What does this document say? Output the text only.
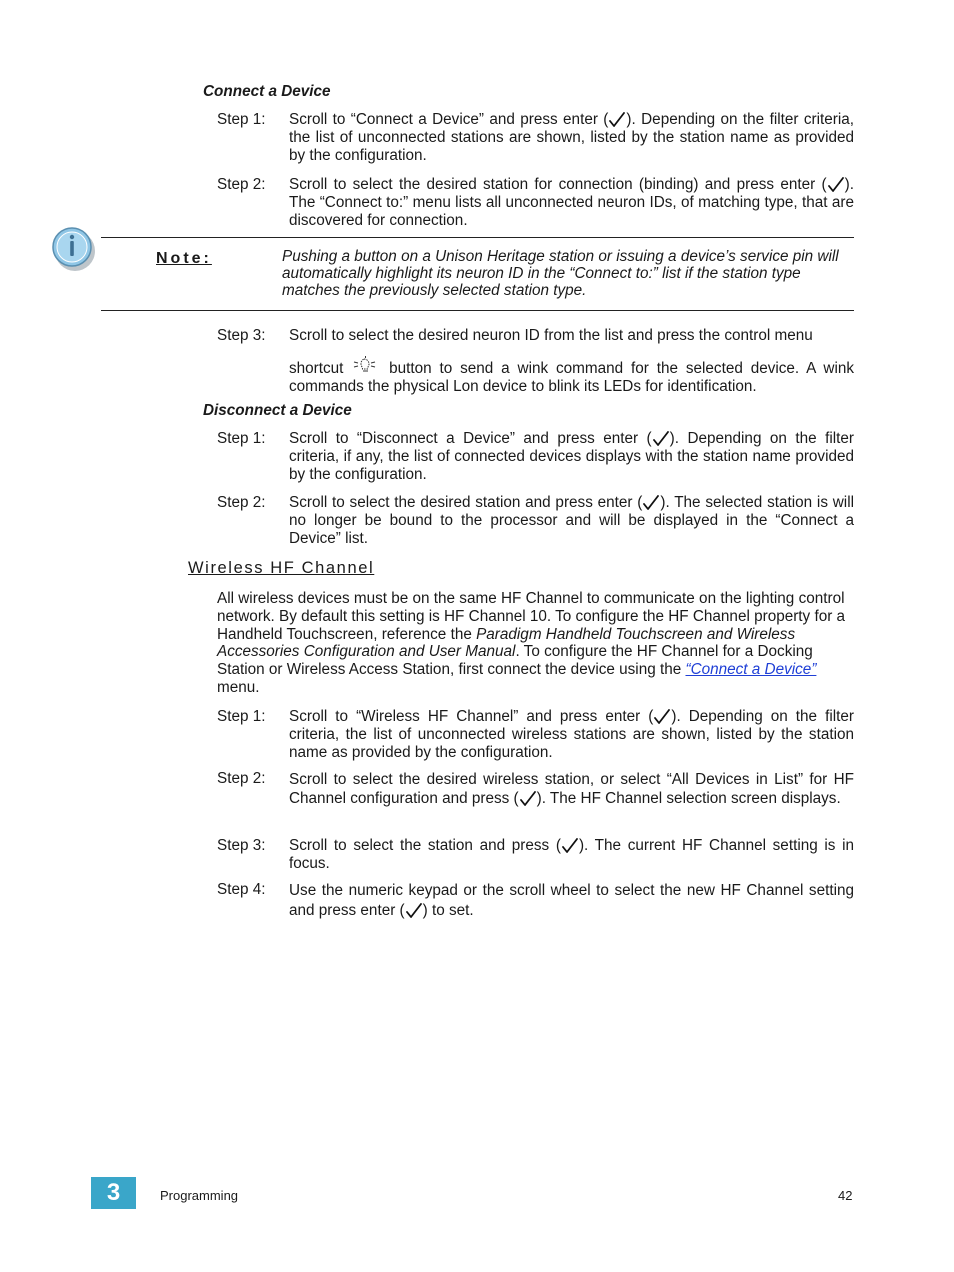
Connect a Device
Step 1: Scroll to “Connect a Device” and press enter ( ). Depending on the filter criteria, the list of unconnected stations are shown, listed by the station name as provided by the configuration.
Step 2: Scroll to select the desired station for connection (binding) and press enter ( ). The “Connect to:” menu lists all unconnected neuron IDs, of matching type, that are discovered for connection.
Note:	Pushing a button on a Unison Heritage station or issuing a device’s service pin will automatically highlight its neuron ID in the “Connect to:” list if the station type matches the previously selected station type.
Step 3: Scroll to select the desired neuron ID from the list and press the control menu
shortcut	button to send a wink command for the selected device. A wink commands the physical Lon device to blink its LEDs for identification.
Disconnect a Device
Step 1: Scroll to “Disconnect a Device” and press enter ( ). Depending on the filter criteria, if any, the list of connected devices displays with the station name provided by the configuration.
Step 2: Scroll to select the desired station and press enter ( ). The selected station is will no longer be bound to the processor and will be displayed in the “Connect a Device” list.
Wireless HF Channel
All wireless devices must be on the same HF Channel to communicate on the lighting control network. By default this setting is HF Channel 10. To configure the HF Channel property for a Handheld Touchscreen, reference the Paradigm Handheld Touchscreen and Wireless Accessories Configuration and User Manual. To configure the HF Channel for a Docking Station or Wireless Access Station, first connect the device using the “Connect a Device” menu.
Step 1: Scroll to “Wireless HF Channel” and press enter ( ). Depending on the filter criteria, the list of unconnected wireless stations are shown, listed by the station name as provided by the configuration.
Step 2: Scroll to select the desired wireless station, or select “All Devices in List” for HF Channel configuration and press ( ). The HF Channel selection screen displays.
Step 3: Scroll to select the station and press ( ). The current HF Channel setting is in focus.
Step 4: Use the numeric keypad or the scroll wheel to select the new HF Channel setting and press enter ( ) to set.
3	Programming	42
